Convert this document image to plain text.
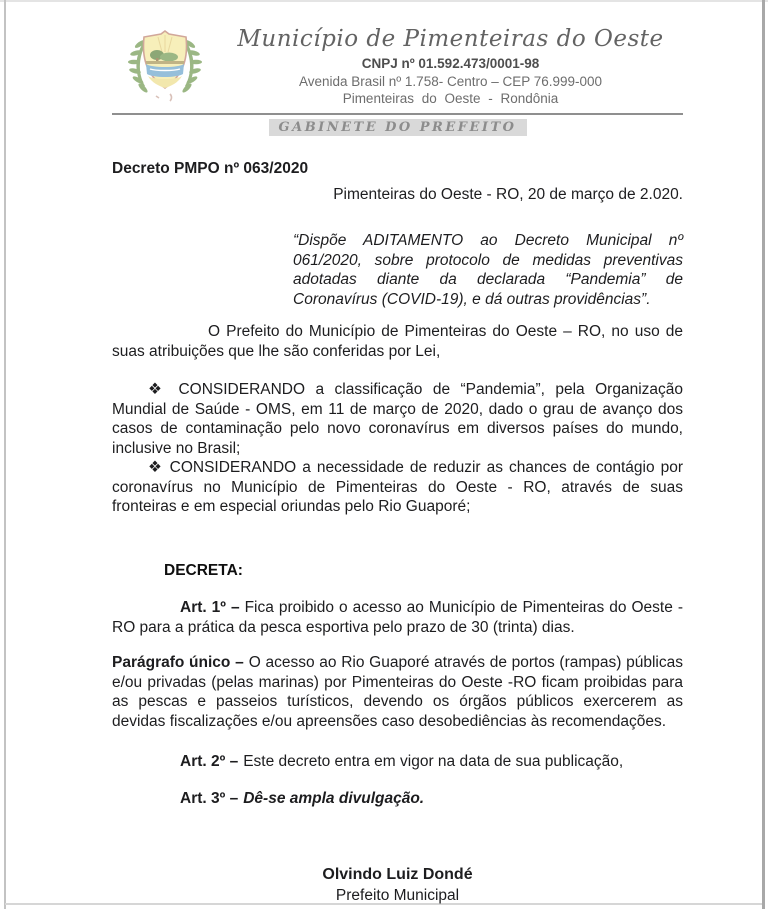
Município de Pimenteiras do Oeste
CNPJ nº 01.592.473/0001-98
Avenida Brasil nº 1.758- Centro – CEP 76.999-000
Pimenteiras do Oeste - Rondônia
GABINETE DO PREFEITO

Decreto PMPO nº 063/2020

Pimenteiras do Oeste - RO, 20 de março de 2.020.

“Dispõe ADITAMENTO ao Decreto Municipal nº 061/2020, sobre protocolo de medidas preventivas adotadas diante da declarada “Pandemia” de Coronavírus (COVID-19), e dá outras providências”.

O Prefeito do Município de Pimenteiras do Oeste – RO, no uso de suas atribuições que lhe são conferidas por Lei,

❖ CONSIDERANDO a classificação de “Pandemia”, pela Organização Mundial de Saúde - OMS, em 11 de março de 2020, dado o grau de avanço dos casos de contaminação pelo novo coronavírus em diversos países do mundo, inclusive no Brasil;

❖ CONSIDERANDO a necessidade de reduzir as chances de contágio por coronavírus no Município de Pimenteiras do Oeste - RO, através de suas fronteiras e em especial oriundas pelo Rio Guaporé;

DECRETA:

Art. 1º – Fica proibido o acesso ao Município de Pimenteiras do Oeste - RO para a prática da pesca esportiva pelo prazo de 30 (trinta) dias.

Parágrafo único – O acesso ao Rio Guaporé através de portos (rampas) públicas e/ou privadas (pelas marinas) por Pimenteiras do Oeste -RO ficam proibidas para as pescas e passeios turísticos, devendo os órgãos públicos exercerem as devidas fiscalizações e/ou apreensões caso desobediências às recomendações.

Art. 2º – Este decreto entra em vigor na data de sua publicação,

Art. 3º – Dê-se ampla divulgação.

Olvindo Luiz Dondé
Prefeito Municipal
